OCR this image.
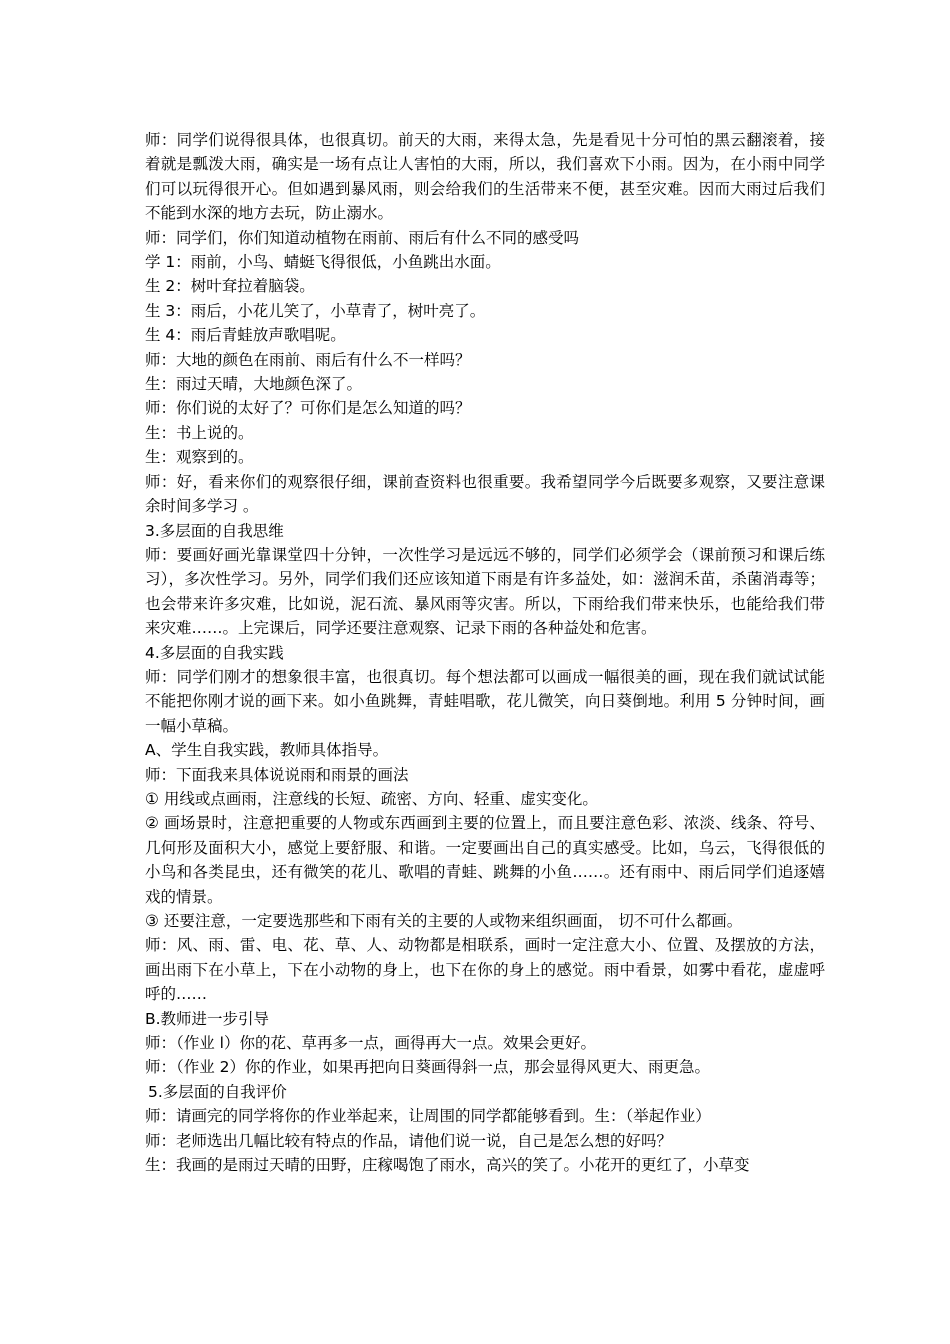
师：同学们说得很具体，也很真切。前天的大雨，来得太急，先是看见十分可怕的黑云翻滚着，接着就是瓢泼大雨，确实是一场有点让人害怕的大雨，所以，我们喜欢下小雨。因为，在小雨中同学们可以玩得很开心。但如遇到暴风雨，则会给我们的生活带来不便，甚至灾难。因而大雨过后我们不能到水深的地方去玩，防止溺水。

师：同学们，你们知道动植物在雨前、雨后有什么不同的感受吗

学 1：雨前，小鸟、蜻蜓飞得很低，小鱼跳出水面。

生 2：树叶耷拉着脑袋。

生 3：雨后，小花儿笑了，小草青了，树叶亮了。

生 4：雨后青蛙放声歌唱呢。

师：大地的颜色在雨前、雨后有什么不一样吗？

生：雨过天晴，大地颜色深了。

师：你们说的太好了？可你们是怎么知道的吗？

生：书上说的。

生：观察到的。

师：好，看来你们的观察很仔细，课前查资料也很重要。我希望同学今后既要多观察，又要注意课余时间多学习 。

3.多层面的自我思维

师：要画好画光靠课堂四十分钟，一次性学习是远远不够的，同学们必须学会（课前预习和课后练习），多次性学习。另外，同学们我们还应该知道下雨是有许多益处，如：滋润禾苗，杀菌消毒等；也会带来许多灾难，比如说，泥石流、暴风雨等灾害。所以，下雨给我们带来快乐，也能给我们带来灾难……。上完课后，同学还要注意观察、记录下雨的各种益处和危害。

4.多层面的自我实践

师：同学们刚才的想象很丰富，也很真切。每个想法都可以画成一幅很美的画，现在我们就试试能不能把你刚才说的画下来。如小鱼跳舞，青蛙唱歌，花儿微笑，向日葵倒地。利用 5 分钟时间，画一幅小草稿。

A、学生自我实践，教师具体指导。

师：下面我来具体说说雨和雨景的画法

① 用线或点画雨，注意线的长短、疏密、方向、轻重、虚实变化。

② 画场景时，注意把重要的人物或东西画到主要的位置上，而且要注意色彩、浓淡、线条、符号、几何形及面积大小，感觉上要舒服、和谐。一定要画出自己的真实感受。比如，乌云，飞得很低的小鸟和各类昆虫，还有微笑的花儿、歌唱的青蛙、跳舞的小鱼……。还有雨中、雨后同学们追逐嬉戏的情景。

③ 还要注意，一定要选那些和下雨有关的主要的人或物来组织画面， 切不可什么都画。

师：风、雨、雷、电、花、草、人、动物都是相联系，画时一定注意大小、位置、及摆放的方法，画出雨下在小草上，下在小动物的身上，也下在你的身上的感觉。雨中看景，如雾中看花，虚虚呼呼的……

B.教师进一步引导

师：（作业 l）你的花、草再多一点，画得再大一点。效果会更好。

师：（作业 2）你的作业，如果再把向日葵画得斜一点，那会显得风更大、雨更急。

5.多层面的自我评价

师：请画完的同学将你的作业举起来，让周围的同学都能够看到。生：（举起作业）

师：老师选出几幅比较有特点的作品，请他们说一说，自己是怎么想的好吗？

生：我画的是雨过天晴的田野，庄稼喝饱了雨水，高兴的笑了。小花开的更红了，小草变
